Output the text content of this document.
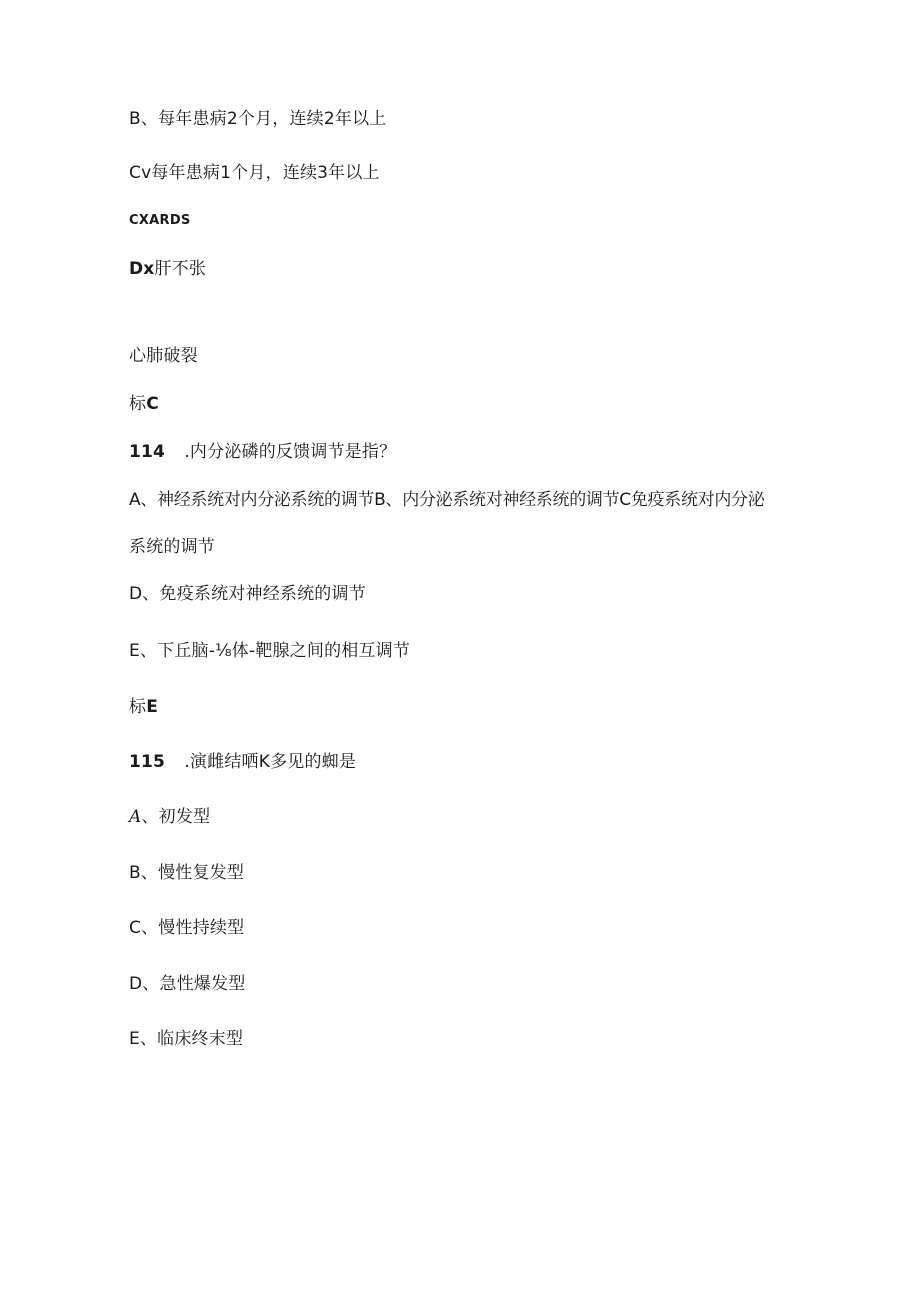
B、每年患病2个月，连续2年以上
Cv每年患病1个月，连续3年以上
CXARDS
Dx肝不张
心肺破裂
标C
114 .内分泌磷的反馈调节是指？
A、神经系统对内分泌系统的调节B、内分泌系统对神经系统的调节C免疫系统对内分泌
系统的调节
D、免疫系统对神经系统的调节
E、下丘脑-⅛体-靶腺之间的相互调节
标E
115 .演雌结哂K多见的蜘是
A、初发型
B、慢性复发型
C、慢性持续型
D、急性爆发型
E、临床终末型
